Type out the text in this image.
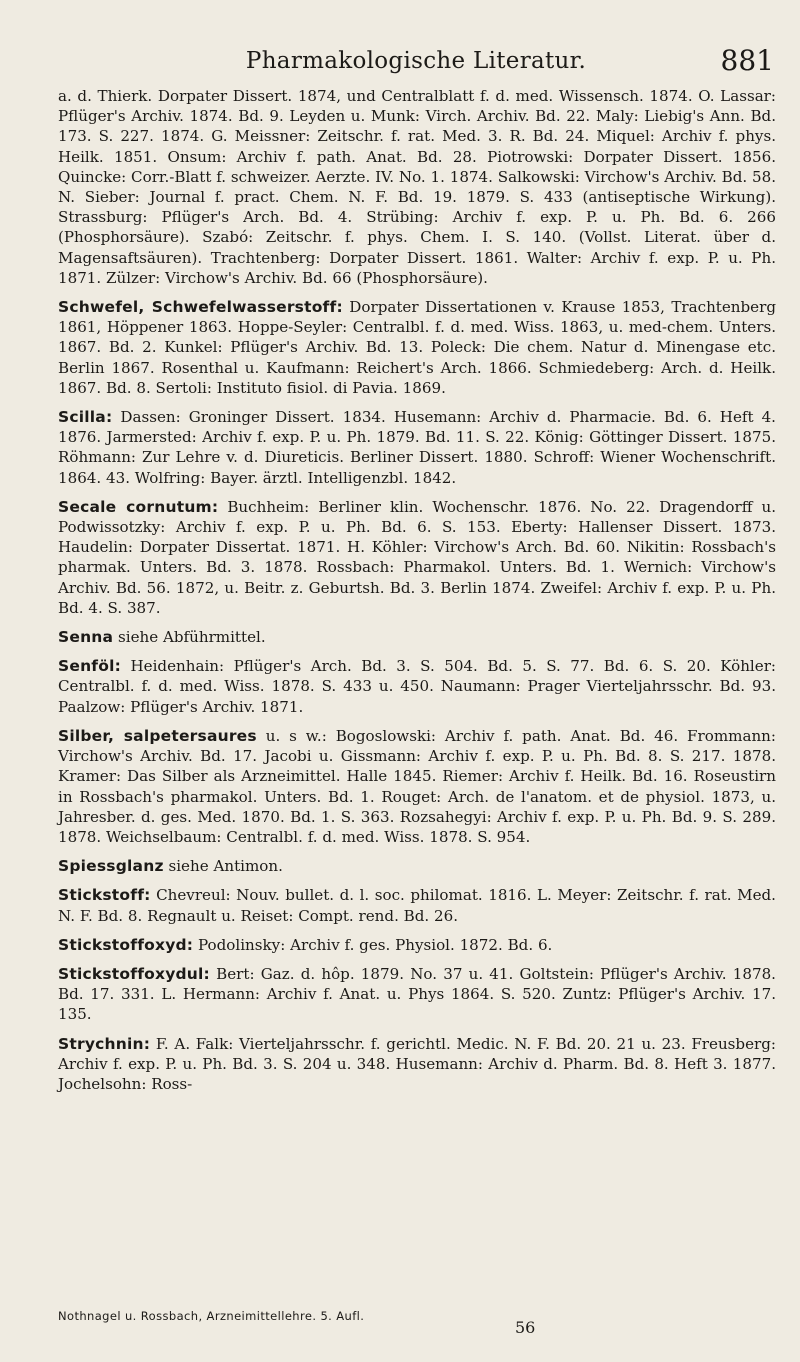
Pharmakologische Literatur.	881

a. d. Thierk. Dorpater Dissert. 1874, und Centralblatt f. d. med. Wissensch. 1874. O. Lassar: Pflüger's Archiv. 1874. Bd. 9. Leyden u. Munk: Virch. Archiv. Bd. 22. Maly: Liebig's Ann. Bd. 173. S. 227. 1874. G. Meissner: Zeitschr. f. rat. Med. 3. R. Bd. 24. Miquel: Archiv f. phys. Heilk. 1851. Onsum: Archiv f. path. Anat. Bd. 28. Piotrowski: Dorpater Dissert. 1856. Quincke: Corr.-Blatt f. schweizer. Aerzte. IV. No. 1. 1874. Salkowski: Virchow's Archiv. Bd. 58. N. Sieber: Journal f. pract. Chem. N. F. Bd. 19. 1879. S. 433 (antiseptische Wirkung). Strassburg: Pflüger's Arch. Bd. 4. Strübing: Archiv f. exp. P. u. Ph. Bd. 6. 266 (Phosphorsäure). Szabó: Zeitschr. f. phys. Chem. I. S. 140. (Vollst. Literat. über d. Magensaftsäuren). Trachtenberg: Dorpater Dissert. 1861. Walter: Archiv f. exp. P. u. Ph. 1871. Zülzer: Virchow's Archiv. Bd. 66 (Phosphorsäure).

Schwefel, Schwefelwasserstoff: Dorpater Dissertationen v. Krause 1853, Trachtenberg 1861, Höppener 1863. Hoppe-Seyler: Centralbl. f. d. med. Wiss. 1863, u. med-chem. Unters. 1867. Bd. 2. Kunkel: Pflüger's Archiv. Bd. 13. Poleck: Die chem. Natur d. Minengase etc. Berlin 1867. Rosenthal u. Kaufmann: Reichert's Arch. 1866. Schmiedeberg: Arch. d. Heilk. 1867. Bd. 8. Sertoli: Instituto fisiol. di Pavia. 1869.

Scilla: Dassen: Groninger Dissert. 1834. Husemann: Archiv d. Pharmacie. Bd. 6. Heft 4. 1876. Jarmersted: Archiv f. exp. P. u. Ph. 1879. Bd. 11. S. 22. König: Göttinger Dissert. 1875. Röhmann: Zur Lehre v. d. Diureticis. Berliner Dissert. 1880. Schroff: Wiener Wochenschrift. 1864. 43. Wolfring: Bayer. ärztl. Intelligenzbl. 1842.

Secale cornutum: Buchheim: Berliner klin. Wochenschr. 1876. No. 22. Dragendorff u. Podwissotzky: Archiv f. exp. P. u. Ph. Bd. 6. S. 153. Eberty: Hallenser Dissert. 1873. Haudelin: Dorpater Dissertat. 1871. H. Köhler: Virchow's Arch. Bd. 60. Nikitin: Rossbach's pharmak. Unters. Bd. 3. 1878. Rossbach: Pharmakol. Unters. Bd. 1. Wernich: Virchow's Archiv. Bd. 56. 1872, u. Beitr. z. Geburtsh. Bd. 3. Berlin 1874. Zweifel: Archiv f. exp. P. u. Ph. Bd. 4. S. 387.

Senna siehe Abführmittel.

Senföl: Heidenhain: Pflüger's Arch. Bd. 3. S. 504. Bd. 5. S. 77. Bd. 6. S. 20. Köhler: Centralbl. f. d. med. Wiss. 1878. S. 433 u. 450. Naumann: Prager Vierteljahrsschr. Bd. 93. Paalzow: Pflüger's Archiv. 1871.

Silber, salpetersaures u. s w.: Bogoslowski: Archiv f. path. Anat. Bd. 46. Frommann: Virchow's Archiv. Bd. 17. Jacobi u. Gissmann: Archiv f. exp. P. u. Ph. Bd. 8. S. 217. 1878. Kramer: Das Silber als Arzneimittel. Halle 1845. Riemer: Archiv f. Heilk. Bd. 16. Roseustirn in Rossbach's pharmakol. Unters. Bd. 1. Rouget: Arch. de l'anatom. et de physiol. 1873, u. Jahresber. d. ges. Med. 1870. Bd. 1. S. 363. Rozsahegyi: Archiv f. exp. P. u. Ph. Bd. 9. S. 289. 1878. Weichselbaum: Centralbl. f. d. med. Wiss. 1878. S. 954.

Spiessglanz siehe Antimon.

Stickstoff: Chevreul: Nouv. bullet. d. l. soc. philomat. 1816. L. Meyer: Zeitschr. f. rat. Med. N. F. Bd. 8. Regnault u. Reiset: Compt. rend. Bd. 26.

Stickstoffoxyd: Podolinsky: Archiv f. ges. Physiol. 1872. Bd. 6.

Stickstoffoxydul: Bert: Gaz. d. hôp. 1879. No. 37 u. 41. Goltstein: Pflüger's Archiv. 1878. Bd. 17. 331. L. Hermann: Archiv f. Anat. u. Phys 1864. S. 520. Zuntz: Pflüger's Archiv. 17. 135.

Strychnin: F. A. Falk: Vierteljahrsschr. f. gerichtl. Medic. N. F. Bd. 20. 21 u. 23. Freusberg: Archiv f. exp. P. u. Ph. Bd. 3. S. 204 u. 348. Husemann: Archiv d. Pharm. Bd. 8. Heft 3. 1877. Jochelsohn: Ross-

Nothnagel u. Rossbach, Arzneimittellehre. 5. Aufl.
56
